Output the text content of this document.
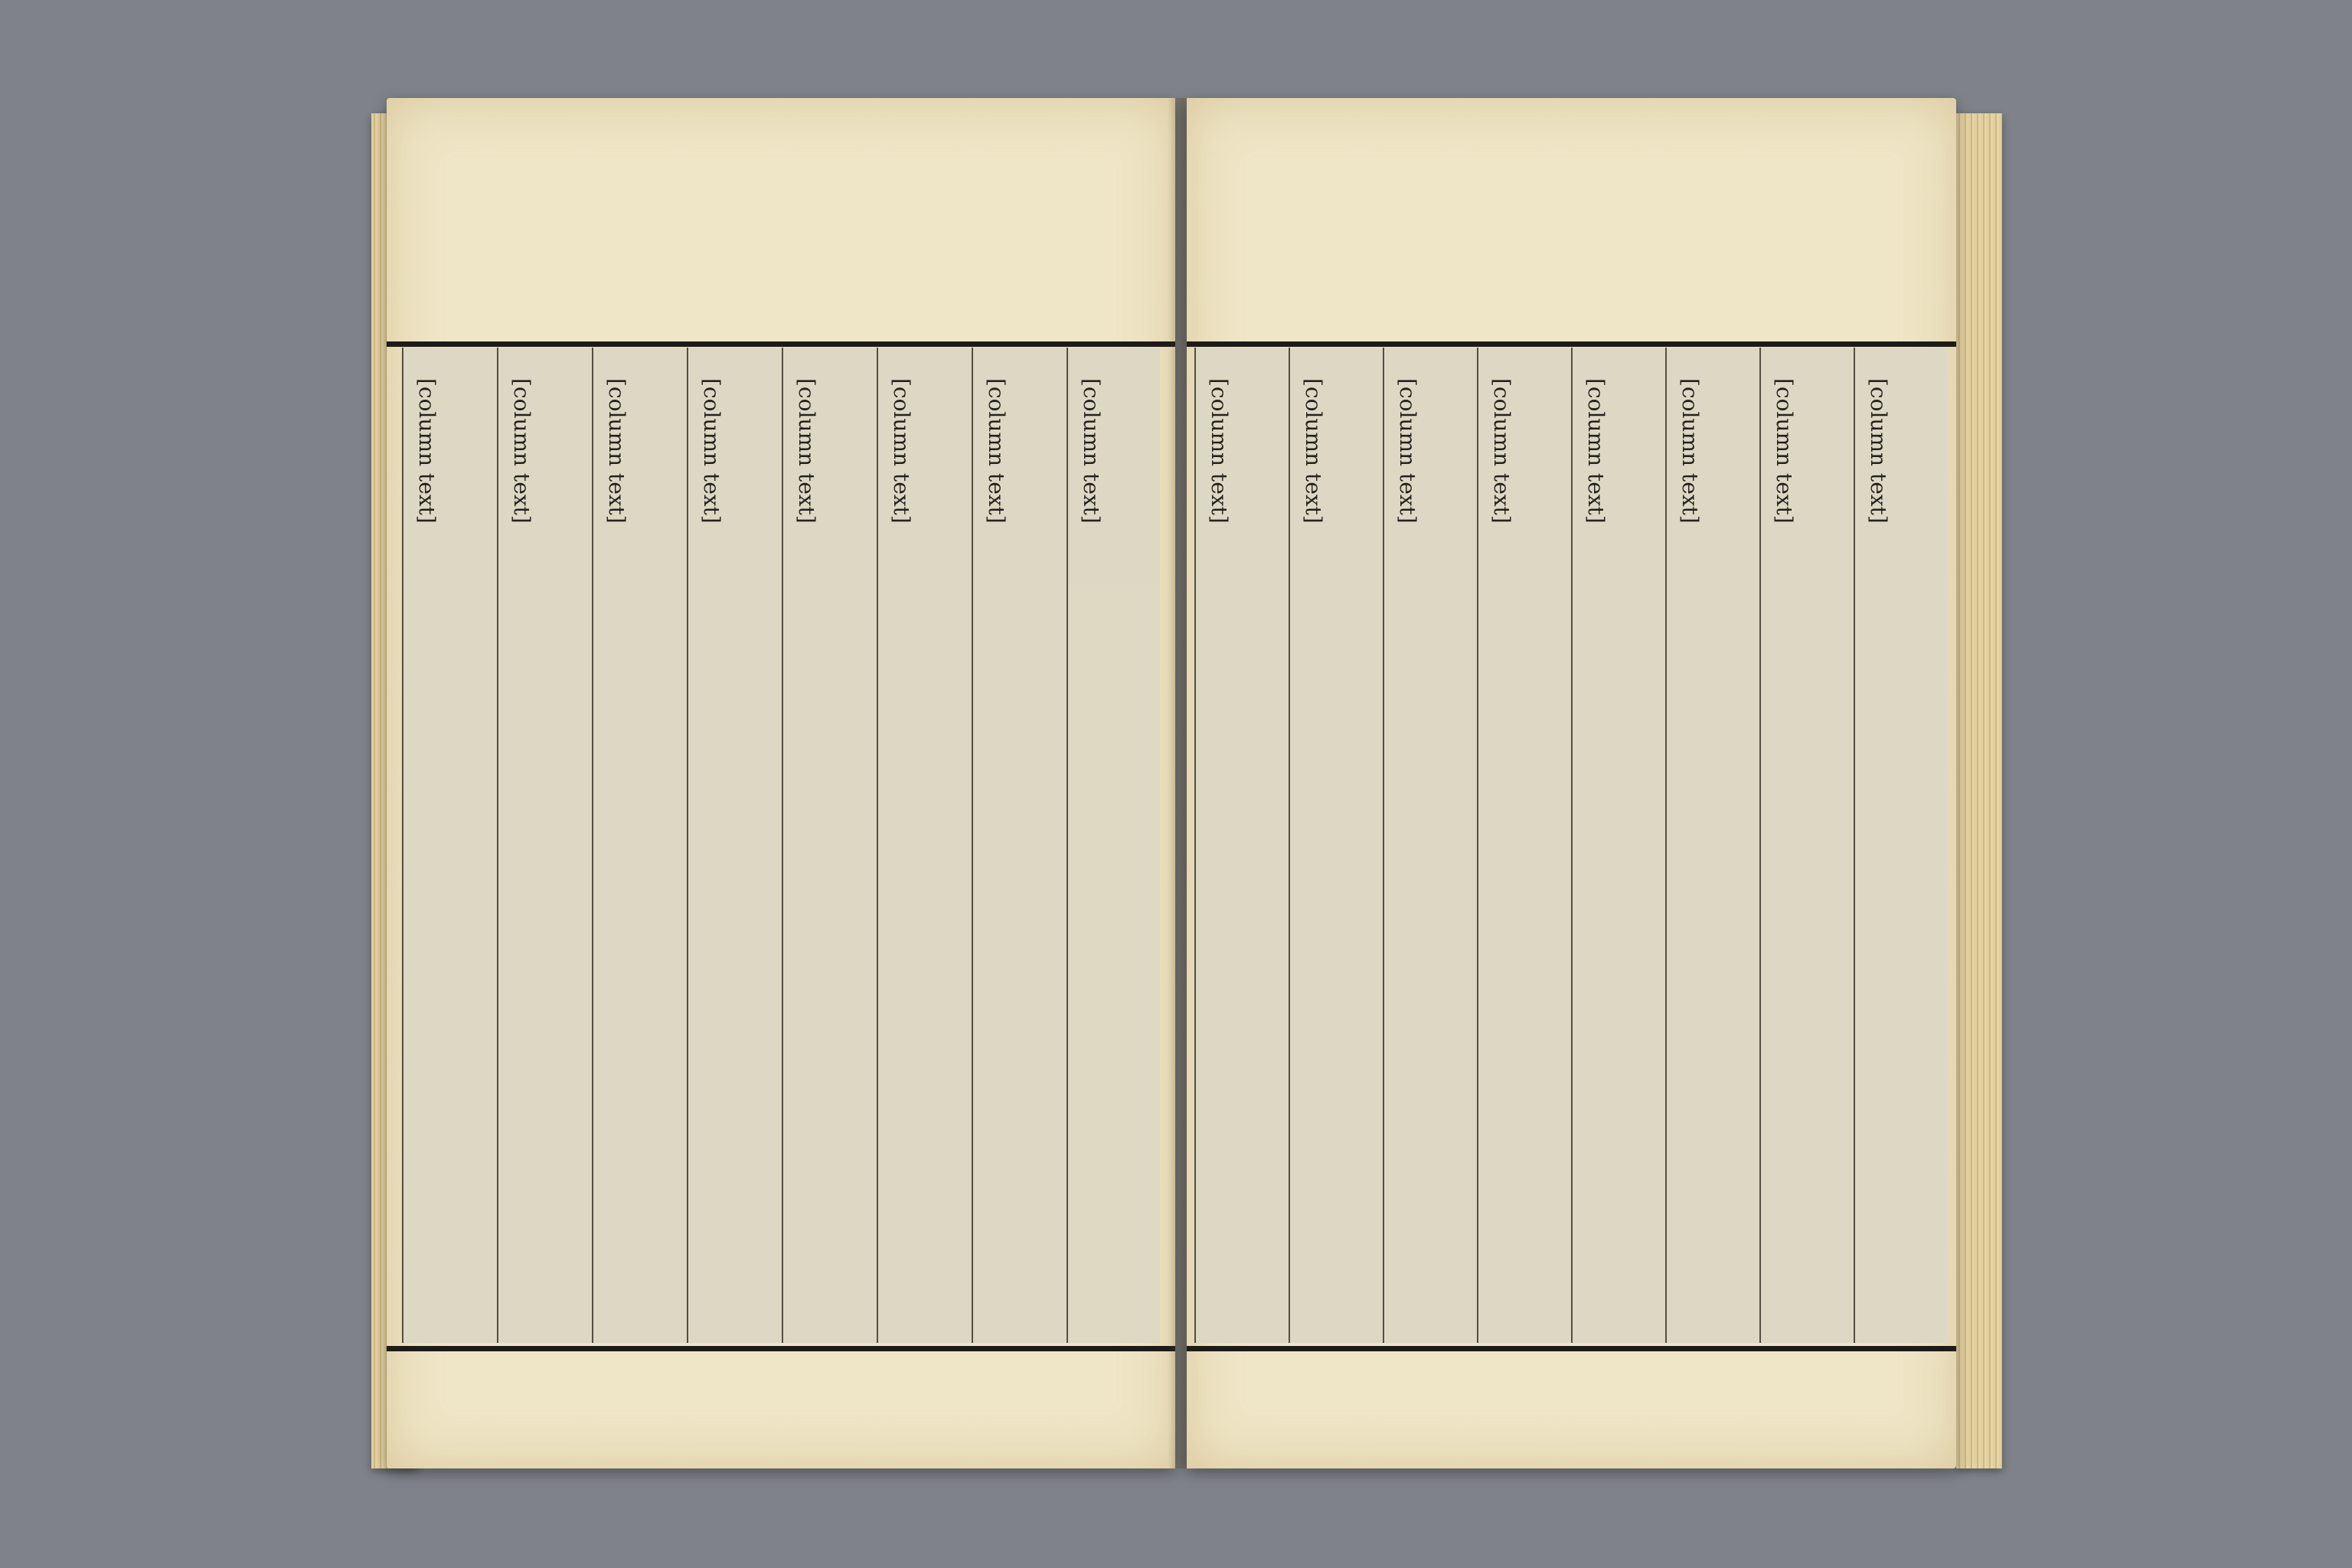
[column text]	[column text]	[column text]	[column text]	[column text]	[column text]	[column text]	[column text]	[column text]	[column text]	[column text]	[column text]	[column text]	[column text]	[column text]	[column text]
